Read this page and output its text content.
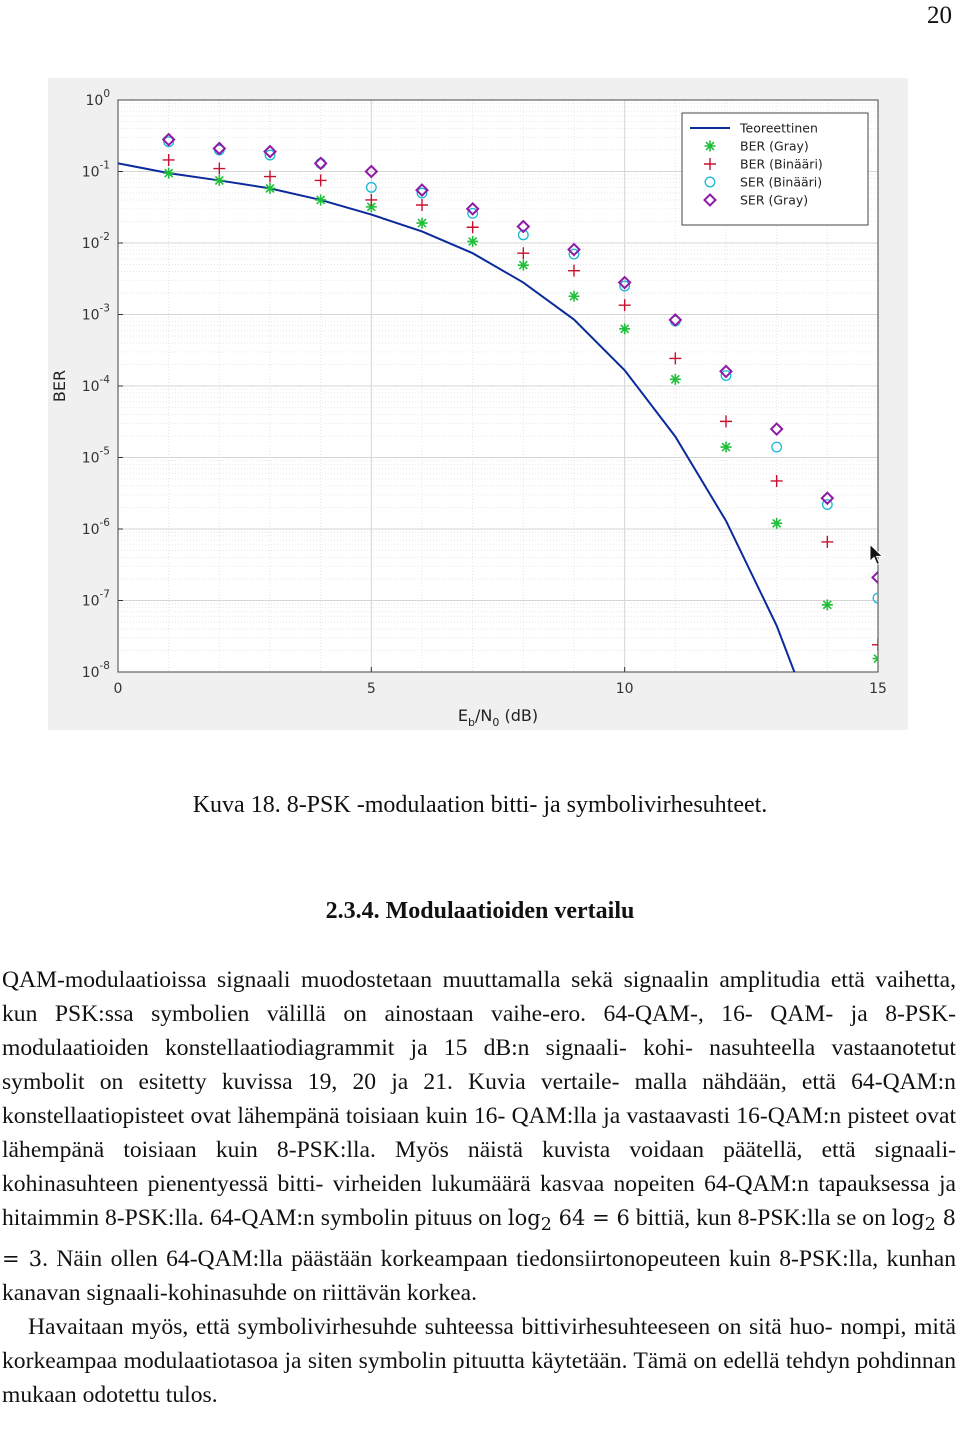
20
$10^0$
$10^{-1}$
$10^{-2}$
$10^{-3}$
$10^{-4}$
$10^{-5}$
$10^{-6}$
$10^{-7}$
$10^{-8}$
0	5	10	15
$E_b/N_0$ (dB)
BER
Teoreettinen
BER (Gray)
BER (Binääri)
SER (Binääri)
SER (Gray)
Kuva 18. 8-PSK -modulaation bitti- ja symbolivirhesuhteet.
2.3.4. Modulaatioiden vertailu

QAM-modulaatioissa signaali muodostetaan muuttamalla sekä signaalin amplitudia että vaihetta, kun PSK:ssa symbolien välillä on ainostaan vaihe-ero. 64-QAM-, 16- QAM- ja 8-PSK-modulaatioiden konstellaatiodiagrammit ja 15 dB:n signaali- kohi- nasuhteella vastaanotetut symbolit on esitetty kuvissa 19, 20 ja 21. Kuvia vertaile- malla nähdään, että 64-QAM:n konstellaatiopisteet ovat lähempänä toisiaan kuin 16- QAM:lla ja vastaavasti 16-QAM:n pisteet ovat lähempänä toisiaan kuin 8-PSK:lla. Myös näistä kuvista voidaan päätellä, että signaali-kohinasuhteen pienentyessä bitti- virheiden lukumäärä kasvaa nopeiten 64-QAM:n tapauksessa ja hitaimmin 8-PSK:lla. 64-QAM:n symbolin pituus on $\log_2 64 = 6$ bittiä, kun 8-PSK:lla se on $\log_2 8 = 3$. Näin ollen 64-QAM:lla päästään korkeampaan tiedonsiirtonopeuteen kuin 8-PSK:lla, kunhan kanavan signaali-kohinasuhde on riittävän korkea.

Havaitaan myös, että symbolivirhesuhde suhteessa bittivirhesuhteeseen on sitä huo- nompi, mitä korkeampaa modulaatiotasoa ja siten symbolin pituutta käytetään. Tämä on edellä tehdyn pohdinnan mukaan odotettu tulos.
